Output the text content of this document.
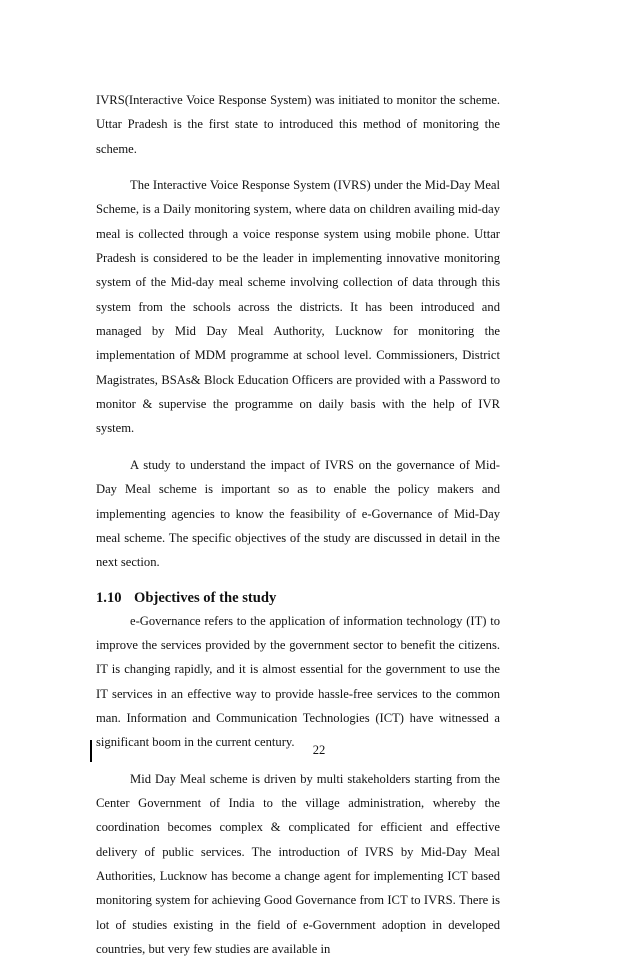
IVRS(Interactive Voice Response System) was initiated to monitor the scheme. Uttar Pradesh is the first state to introduced this method of monitoring the scheme.

The Interactive Voice Response System (IVRS) under the Mid-Day Meal Scheme, is a Daily monitoring system, where data on children availing mid-day meal is collected through a voice response system using mobile phone. Uttar Pradesh is considered to be the leader in implementing innovative monitoring system of the Mid-day meal scheme involving collection of data through this system from the schools across the districts. It has been introduced and managed by Mid Day Meal Authority, Lucknow for monitoring the implementation of MDM programme at school level. Commissioners, District Magistrates, BSAs& Block Education Officers are provided with a Password to monitor & supervise the programme on daily basis with the help of IVR system.

A study to understand the impact of IVRS on the governance of Mid-Day Meal scheme is important so as to enable the policy makers and implementing agencies to know the feasibility of e-Governance of Mid-Day meal scheme. The specific objectives of the study are discussed in detail in the next section.

1.10 Objectives of the study

e-Governance refers to the application of information technology (IT) to improve the services provided by the government sector to benefit the citizens. IT is changing rapidly, and it is almost essential for the government to use the IT services in an effective way to provide hassle-free services to the common man. Information and Communication Technologies (ICT) have witnessed a significant boom in the current century.

Mid Day Meal scheme is driven by multi stakeholders starting from the Center Government of India to the village administration, whereby the coordination becomes complex & complicated for efficient and effective delivery of public services. The introduction of IVRS by Mid-Day Meal Authorities, Lucknow has become a change agent for implementing ICT based monitoring system for achieving Good Governance from ICT to IVRS. There is lot of studies existing in the field of e-Government adoption in developed countries, but very few studies are available in

22
